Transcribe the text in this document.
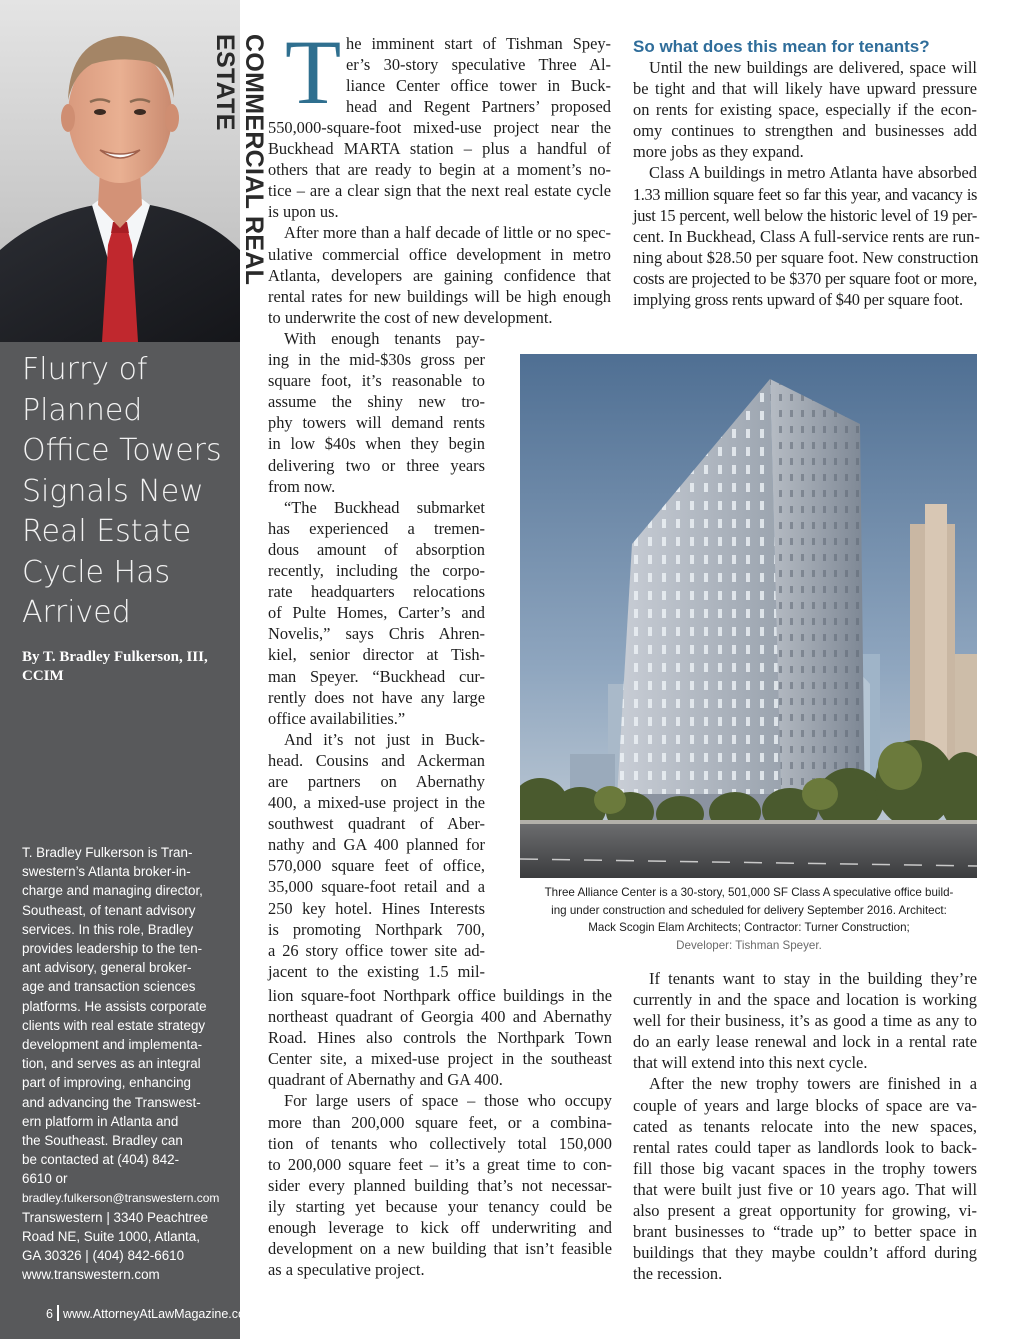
COMMERCIAL REAL ESTATE
Flurry of
Planned
Office Towers
Signals New
Real Estate
Cycle Has
Arrived
By T. Bradley Fulkerson, III,
CCIM
T. Bradley Fulkerson is Tran-
swestern’s Atlanta broker-in-
charge and managing director,
Southeast, of tenant advisory
services. In this role, Bradley
provides leadership to the ten-
ant advisory, general broker-
age and transaction sciences
platforms. He assists corporate
clients with real estate strategy
development and implementa-
tion, and serves as an integral
part of improving, enhancing
and advancing the Transwest-
ern platform in Atlanta and
the Southeast. Bradley can
be contacted at (404) 842-
6610 or
bradley.fulkerson@transwestern.com
Transwestern | 3340 Peachtree
Road NE, Suite 1000, Atlanta,
GA 30326 | (404) 842-6610
www.transwestern.com
6 www.AttorneyAtLawMagazine.com
T he imminent start of Tishman Spey-
er’s 30-story speculative Three Al-
liance Center office tower in Buck-
head and Regent Partners’ proposed
550,000-square-foot mixed-use project near the
Buckhead MARTA station – plus a handful of
others that are ready to begin at a moment’s no-
tice – are a clear sign that the next real estate cycle
is upon us.
After more than a half decade of little or no spec-
ulative commercial office development in metro
Atlanta, developers are gaining confidence that
rental rates for new buildings will be high enough
to underwrite the cost of new development.
With enough tenants pay-
ing in the mid-$30s gross per
square foot, it’s reasonable to
assume the shiny new tro-
phy towers will demand rents
in low $40s when they begin
delivering two or three years
from now.
“The Buckhead submarket
has experienced a tremen-
dous amount of absorption
recently, including the corpo-
rate headquarters relocations
of Pulte Homes, Carter’s and
Novelis,” says Chris Ahren-
kiel, senior director at Tish-
man Speyer. “Buckhead cur-
rently does not have any large
office availabilities.”
And it’s not just in Buck-
head. Cousins and Ackerman
are partners on Abernathy
400, a mixed-use project in the
southwest quadrant of Aber-
nathy and GA 400 planned for
570,000 square feet of office,
35,000 square-foot retail and a
250 key hotel. Hines Interests
is promoting Northpark 700,
a 26 story office tower site ad-
jacent to the existing 1.5 mil-
lion square-foot Northpark office buildings in the
northeast quadrant of Georgia 400 and Abernathy
Road. Hines also controls the Northpark Town
Center site, a mixed-use project in the southeast
quadrant of Abernathy and GA 400.
For large users of space – those who occupy
more than 200,000 square feet, or a combina-
tion of tenants who collectively total 150,000
to 200,000 square feet – it’s a great time to con-
sider every planned building that’s not necessar-
ily starting yet because your tenancy could be
enough leverage to kick off underwriting and
development on a new building that isn’t feasible
as a speculative project.
So what does this mean for tenants?
Until the new buildings are delivered, space will
be tight and that will likely have upward pressure
on rents for existing space, especially if the econ-
omy continues to strengthen and businesses add
more jobs as they expand.
Class A buildings in metro Atlanta have absorbed
1.33 million square feet so far this year, and vacancy is
just 15 percent, well below the historic level of 19 per-
cent. In Buckhead, Class A full-service rents are run-
ning about $28.50 per square foot. New construction
costs are projected to be $370 per square foot or more,
implying gross rents upward of $40 per square foot.
Three Alliance Center is a 30-story, 501,000 SF Class A speculative office build-
ing under construction and scheduled for delivery September 2016. Architect:
Mack Scogin Elam Architects; Contractor: Turner Construction;
Developer: Tishman Speyer.
If tenants want to stay in the building they’re
currently in and the space and location is working
well for their business, it’s as good a time as any to
do an early lease renewal and lock in a rental rate
that will extend into this next cycle.
After the new trophy towers are finished in a
couple of years and large blocks of space are va-
cated as tenants relocate into the new spaces,
rental rates could taper as landlords look to back-
fill those big vacant spaces in the trophy towers
that were built just five or 10 years ago. That will
also present a great opportunity for growing, vi-
brant businesses to “trade up” to better space in
buildings that they maybe couldn’t afford during
the recession.
